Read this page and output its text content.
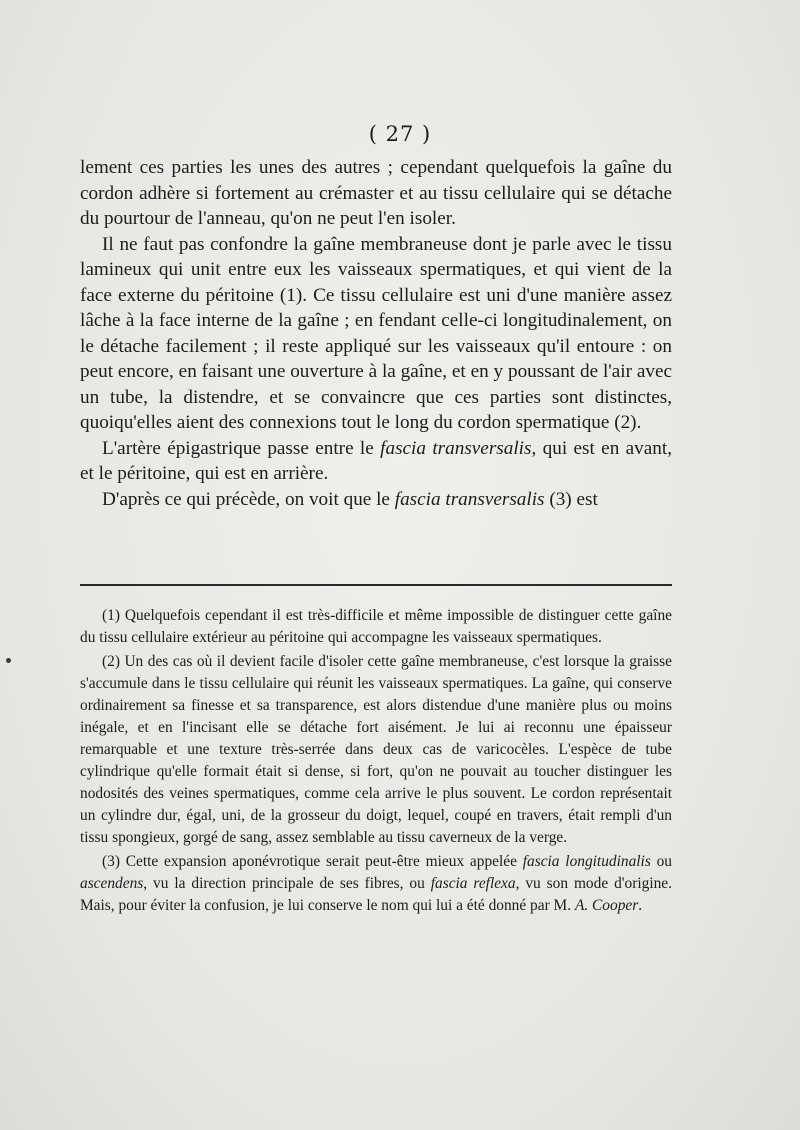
( 27 )

lement ces parties les unes des autres ; cependant quelquefois la gaîne du cordon adhère si fortement au crémaster et au tissu cellulaire qui se détache du pourtour de l'anneau, qu'on ne peut l'en isoler.

Il ne faut pas confondre la gaîne membraneuse dont je parle avec le tissu lamineux qui unit entre eux les vaisseaux spermatiques, et qui vient de la face externe du péritoine (1). Ce tissu cellulaire est uni d'une manière assez lâche à la face interne de la gaîne ; en fendant celle-ci longitudinalement, on le détache facilement ; il reste appliqué sur les vaisseaux qu'il entoure : on peut encore, en faisant une ouverture à la gaîne, et en y poussant de l'air avec un tube, la distendre, et se convaincre que ces parties sont distinctes, quoiqu'elles aient des connexions tout le long du cordon spermatique (2).

L'artère épigastrique passe entre le fascia transversalis, qui est en avant, et le péritoine, qui est en arrière.

D'après ce qui précède, on voit que le fascia transversalis (3) est

(1) Quelquefois cependant il est très-difficile et même impossible de distinguer cette gaîne du tissu cellulaire extérieur au péritoine qui accompagne les vaisseaux spermatiques.

(2) Un des cas où il devient facile d'isoler cette gaîne membraneuse, c'est lorsque la graisse s'accumule dans le tissu cellulaire qui réunit les vaisseaux spermatiques. La gaîne, qui conserve ordinairement sa finesse et sa transparence, est alors distendue d'une manière plus ou moins inégale, et en l'incisant elle se détache fort aisément. Je lui ai reconnu une épaisseur remarquable et une texture très-serrée dans deux cas de varicocèles. L'espèce de tube cylindrique qu'elle formait était si dense, si fort, qu'on ne pouvait au toucher distinguer les nodosités des veines spermatiques, comme cela arrive le plus souvent. Le cordon représentait un cylindre dur, égal, uni, de la grosseur du doigt, lequel, coupé en travers, était rempli d'un tissu spongieux, gorgé de sang, assez semblable au tissu caverneux de la verge.

(3) Cette expansion aponévrotique serait peut-être mieux appelée fascia longitudinalis ou ascendens, vu la direction principale de ses fibres, ou fascia reflexa, vu son mode d'origine. Mais, pour éviter la confusion, je lui conserve le nom qui lui a été donné par M. A. Cooper.
